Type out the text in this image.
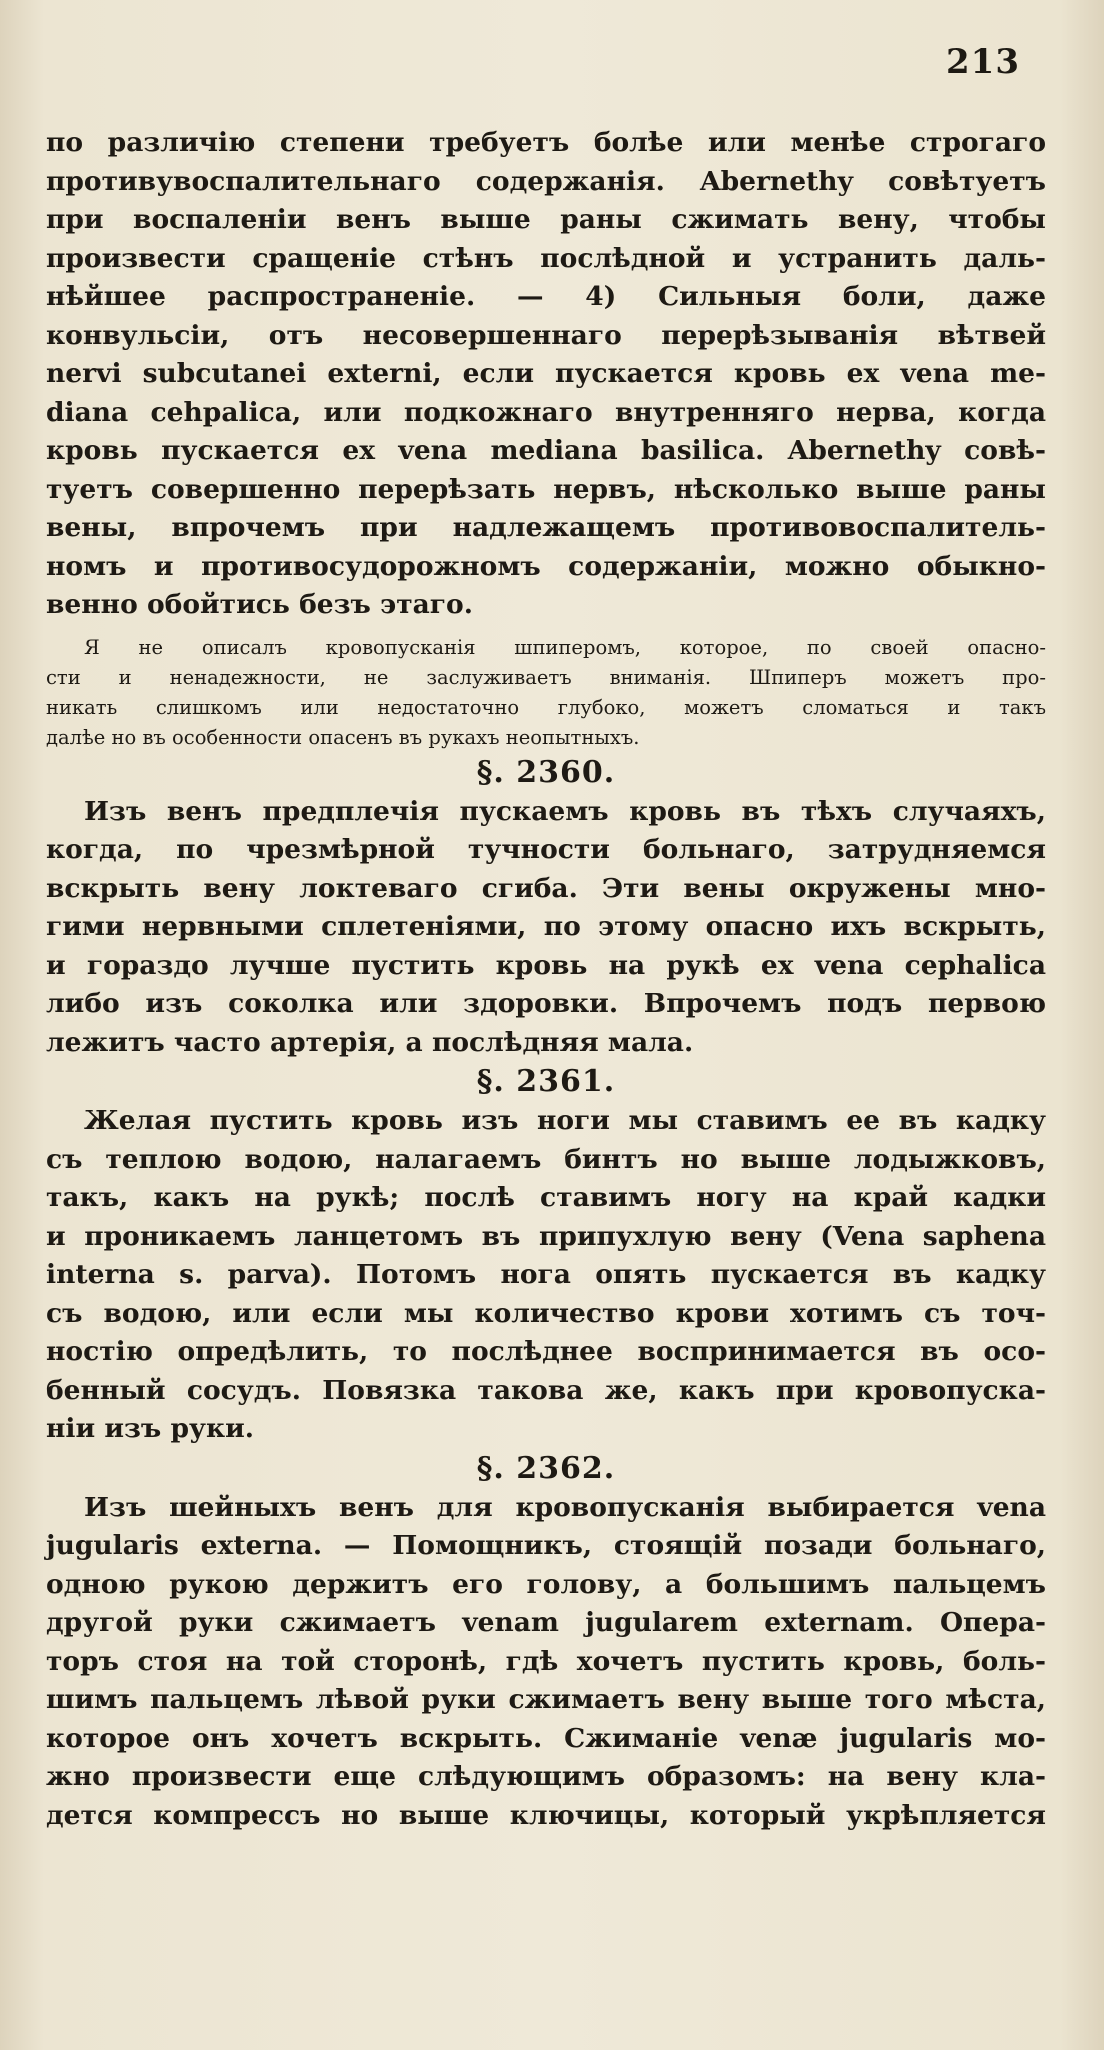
213

по различію степени требуетъ болѣе или менѣе строгаго
противувоспалительнаго содержанія. Abernethy совѣтуетъ
при воспаленіи венъ выше раны сжимать вену, чтобы
произвести сращеніе стѣнъ послѣдной и устранить даль-
нѣйшее распространеніе. — 4) Сильныя боли, даже
конвульсіи, отъ несовершеннаго перерѣзыванія вѣтвей
nervi subcutanei externi, если пускается кровь ex vena me-
diana cehpalica, или подкожнаго внутренняго нерва, когда
кровь пускается ex vena mediana basilica. Abernethy совѣ-
туетъ совершенно перерѣзать нервъ, нѣсколько выше раны
вены, впрочемъ при надлежащемъ противовоспалитель-
номъ и противосудорожномъ содержаніи, можно обыкно-
венно обойтись безъ этаго.

Я не описалъ кровопусканія шпиперомъ, которое, по своей опасно-
сти и ненадежности, не заслуживаетъ вниманія. Шпиперъ можетъ про-
никать слишкомъ или недостаточно глубоко, можетъ сломаться и такъ
далѣе но въ особенности опасенъ въ рукахъ неопытныхъ.

§. 2360.

Изъ венъ предплечія пускаемъ кровь въ тѣхъ случаяхъ,
когда, по чрезмѣрной тучности больнаго, затрудняемся
вскрыть вену локтеваго сгиба. Эти вены окружены мно-
гими нервными сплетеніями, по этому опасно ихъ вскрыть,
и гораздо лучше пустить кровь на рукѣ ex vena cephalica
либо изъ соколка или здоровки. Впрочемъ подъ первою
лежитъ часто артерія, а послѣдняя мала.

§. 2361.

Желая пустить кровь изъ ноги мы ставимъ ее въ кадку
съ теплою водою, налагаемъ бинтъ но выше лодыжковъ,
такъ, какъ на рукѣ; послѣ ставимъ ногу на край кадки
и проникаемъ ланцетомъ въ припухлую вену (Vena saphena
interna s. parva). Потомъ нога опять пускается въ кадку
съ водою, или если мы количество крови хотимъ съ точ-
ностію опредѣлить, то послѣднее воспринимается въ осо-
бенный сосудъ. Повязка такова же, какъ при кровопуска-
ніи изъ руки.

§. 2362.

Изъ шейныхъ венъ для кровопусканія выбирается vena
jugularis externa. — Помощникъ, стоящій позади больнаго,
одною рукою держитъ его голову, а большимъ пальцемъ
другой руки сжимаетъ venam jugularem externam. Опера-
торъ стоя на той сторонѣ, гдѣ хочетъ пустить кровь, боль-
шимъ пальцемъ лѣвой руки сжимаетъ вену выше того мѣста,
которое онъ хочетъ вскрыть. Сжиманіе venæ jugularis мо-
жно произвести еще слѣдующимъ образомъ: на вену кла-
дется компрессъ но выше ключицы, который укрѣпляется
